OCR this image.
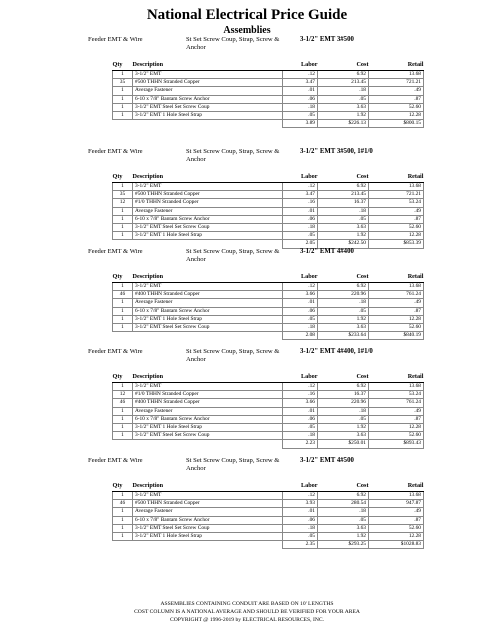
National Electrical Price Guide
Assemblies
Feeder EMT & Wire	St Set Screw Coup, Strap, Screw & Anchor
3-1/2" EMT 3#500
Qty	Description	Labor	Cost	Retail
1	3-1/2" EMT	.12	6.92	13.68
35	#500 THHN Stranded Copper	3.47	213.45	721.21
1	Average Fastener	.01	.18	.49
1	6-10 x 7/8" Bantam Screw Anchor	.06	.05	.87
1	3-1/2" EMT Steel Set Screw Coup	.18	3.63	52.60
1	3-1/2" EMT 1 Hole Steel Strap	.05	1.92	12.28
		3.89	$226.13	$800.15
Feeder EMT & Wire	St Set Screw Coup, Strap, Screw & Anchor
3-1/2" EMT 3#500, 1#1/0
Qty	Description	Labor	Cost	Retail
1	3-1/2" EMT	.12	6.92	13.68
35	#500 THHN Stranded Copper	3.47	213.45	721.21
12	#1/0 THHN Stranded Copper	.16	16.37	53.24
1	Average Fastener	.01	.18	.49
1	6-10 x 7/8" Bantam Screw Anchor	.06	.05	.87
1	3-1/2" EMT Steel Set Screw Coup	.18	3.63	52.60
1	3-1/2" EMT 1 Hole Steel Strap	.05	1.92	12.28
		2.05	$242.50	$853.39
Feeder EMT & Wire	St Set Screw Coup, Strap, Screw & Anchor
3-1/2" EMT 4#400
Qty	Description	Labor	Cost	Retail
1	3-1/2" EMT	.12	6.92	13.68
46	#400 THHN Stranded Copper	3.66	220.96	761.24
1	Average Fastener	.01	.18	.49
1	6-10 x 7/8" Bantam Screw Anchor	.06	.05	.87
1	3-1/2" EMT 1 Hole Steel Strap	.05	1.92	12.28
1	3-1/2" EMT Steel Set Screw Coup	.18	3.63	52.60
		2.08	$233.64	$840.19
Feeder EMT & Wire	St Set Screw Coup, Strap, Screw & Anchor
3-1/2" EMT 4#400, 1#1/0
Qty	Description	Labor	Cost	Retail
1	3-1/2" EMT	.12	6.92	13.68
12	#1/0 THHN Stranded Copper	.16	16.37	53.24
46	#400 THHN Stranded Copper	3.66	220.96	761.24
1	Average Fastener	.01	.18	.49
1	6-10 x 7/8" Bantam Screw Anchor	.06	.05	.87
1	3-1/2" EMT 1 Hole Steel Strap	.05	1.92	12.28
1	3-1/2" EMT Steel Set Screw Coup	.18	3.63	52.60
		2.23	$250.01	$893.43
Feeder EMT & Wire	St Set Screw Coup, Strap, Screw & Anchor
3-1/2" EMT 4#500
Qty	Description	Labor	Cost	Retail
1	3-1/2" EMT	.12	6.92	13.68
46	#500 THHN Stranded Copper	3.93	280.54	947.87
1	Average Fastener	.01	.18	.49
1	6-10 x 7/8" Bantam Screw Anchor	.06	.05	.87
1	3-1/2" EMT Steel Set Screw Coup	.18	3.63	52.60
1	3-1/2" EMT 1 Hole Steel Strap	.05	1.92	12.28
		2.35	$293.25	$1028.83
ASSEMBLIES CONTAINING CONDUIT ARE BASED ON 10' LENGTHS
COST COLUMN IS A NATIONAL AVERAGE AND SHOULD BE VERIFIED FOR YOUR AREA
COPYRIGHT @ 1996-2019 by ELECTRICAL RESOURCES, INC.
